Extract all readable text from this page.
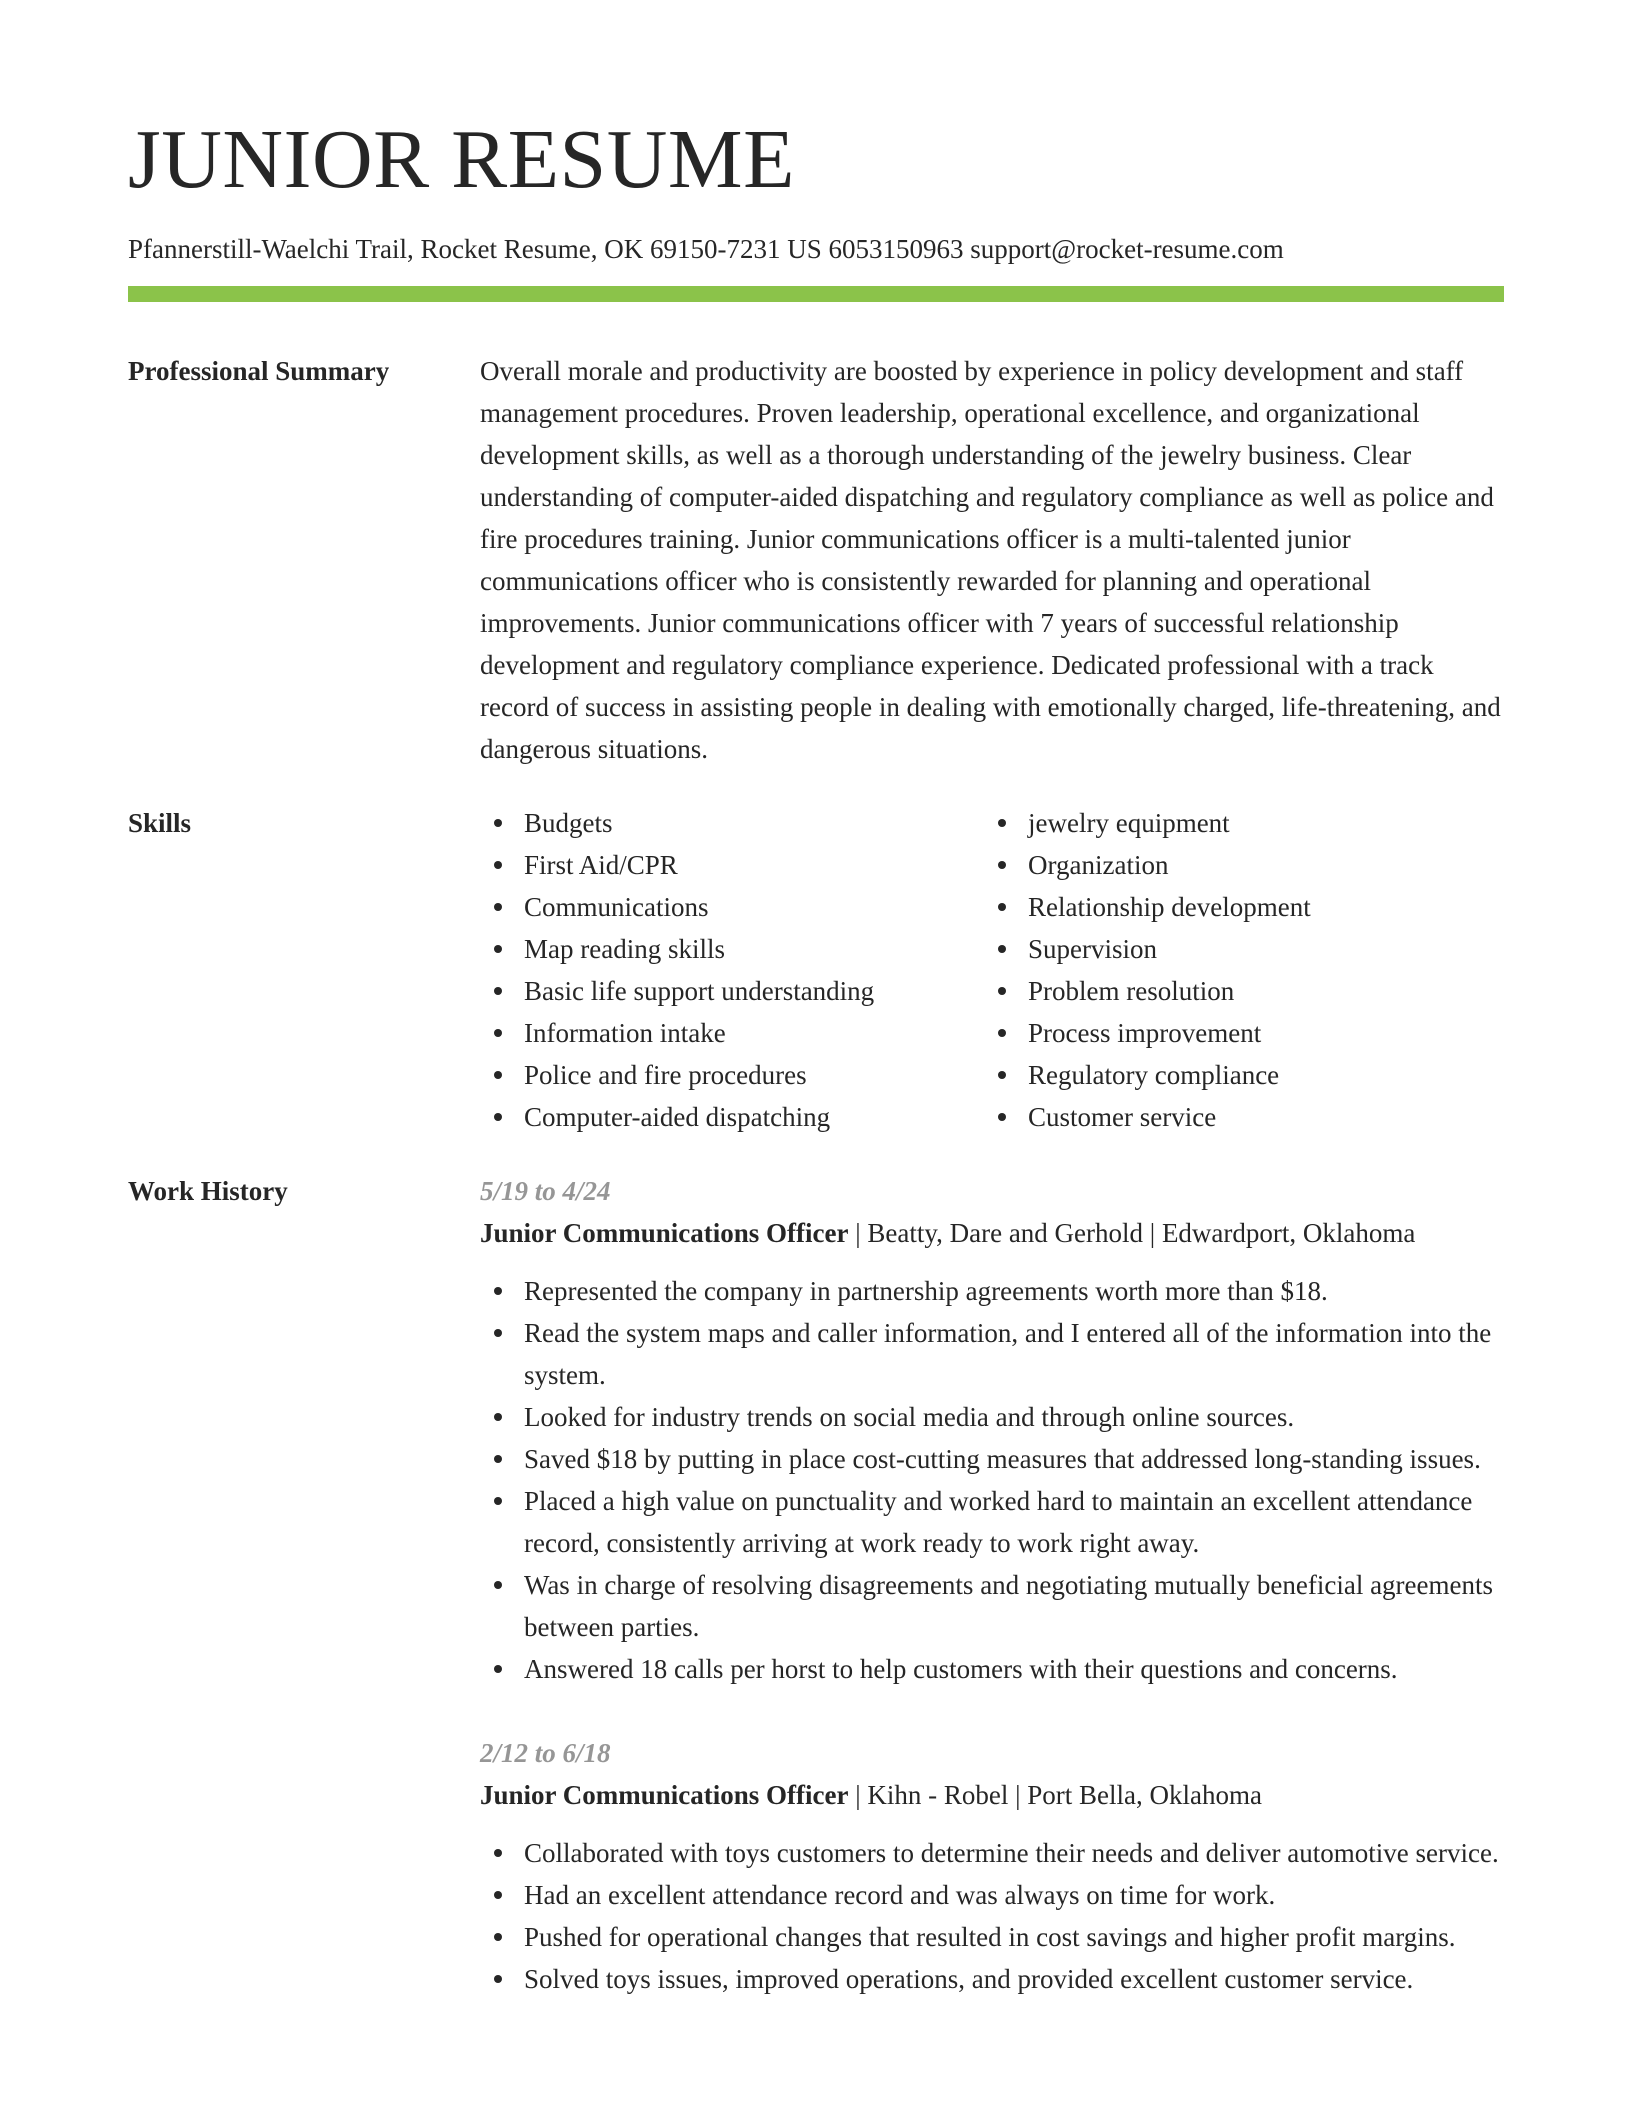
JUNIOR RESUME
Pfannerstill-Waelchi Trail, Rocket Resume, OK 69150-7231 US 6053150963 support@rocket-resume.com
Professional Summary	Overall morale and productivity are boosted by experience in policy development and staff management procedures. Proven leadership, operational excellence, and organizational development skills, as well as a thorough understanding of the jewelry business. Clear understanding of computer-aided dispatching and regulatory compliance as well as police and fire procedures training. Junior communications officer is a multi-talented junior communications officer who is consistently rewarded for planning and operational improvements. Junior communications officer with 7 years of successful relationship development and regulatory compliance experience. Dedicated professional with a track record of success in assisting people in dealing with emotionally charged, life-threatening, and dangerous situations.

Skills	Budgets
First Aid/CPR
Communications
Map reading skills
Basic life support understanding
Information intake
Police and fire procedures
Computer-aided dispatching
jewelry equipment
Organization
Relationship development
Supervision
Problem resolution
Process improvement
Regulatory compliance
Customer service
Work History	5/19 to 4/24

Junior Communications Officer | Beatty, Dare and Gerhold | Edwardport, Oklahoma

Represented the company in partnership agreements worth more than $18.
Read the system maps and caller information, and I entered all of the information into the system.
Looked for industry trends on social media and through online sources.
Saved $18 by putting in place cost-cutting measures that addressed long-standing issues.
Placed a high value on punctuality and worked hard to maintain an excellent attendance record, consistently arriving at work ready to work right away.
Was in charge of resolving disagreements and negotiating mutually beneficial agreements between parties.
Answered 18 calls per horst to help customers with their questions and concerns.

2/12 to 6/18

Junior Communications Officer | Kihn - Robel | Port Bella, Oklahoma

Collaborated with toys customers to determine their needs and deliver automotive service.
Had an excellent attendance record and was always on time for work.
Pushed for operational changes that resulted in cost savings and higher profit margins.
Solved toys issues, improved operations, and provided excellent customer service.
